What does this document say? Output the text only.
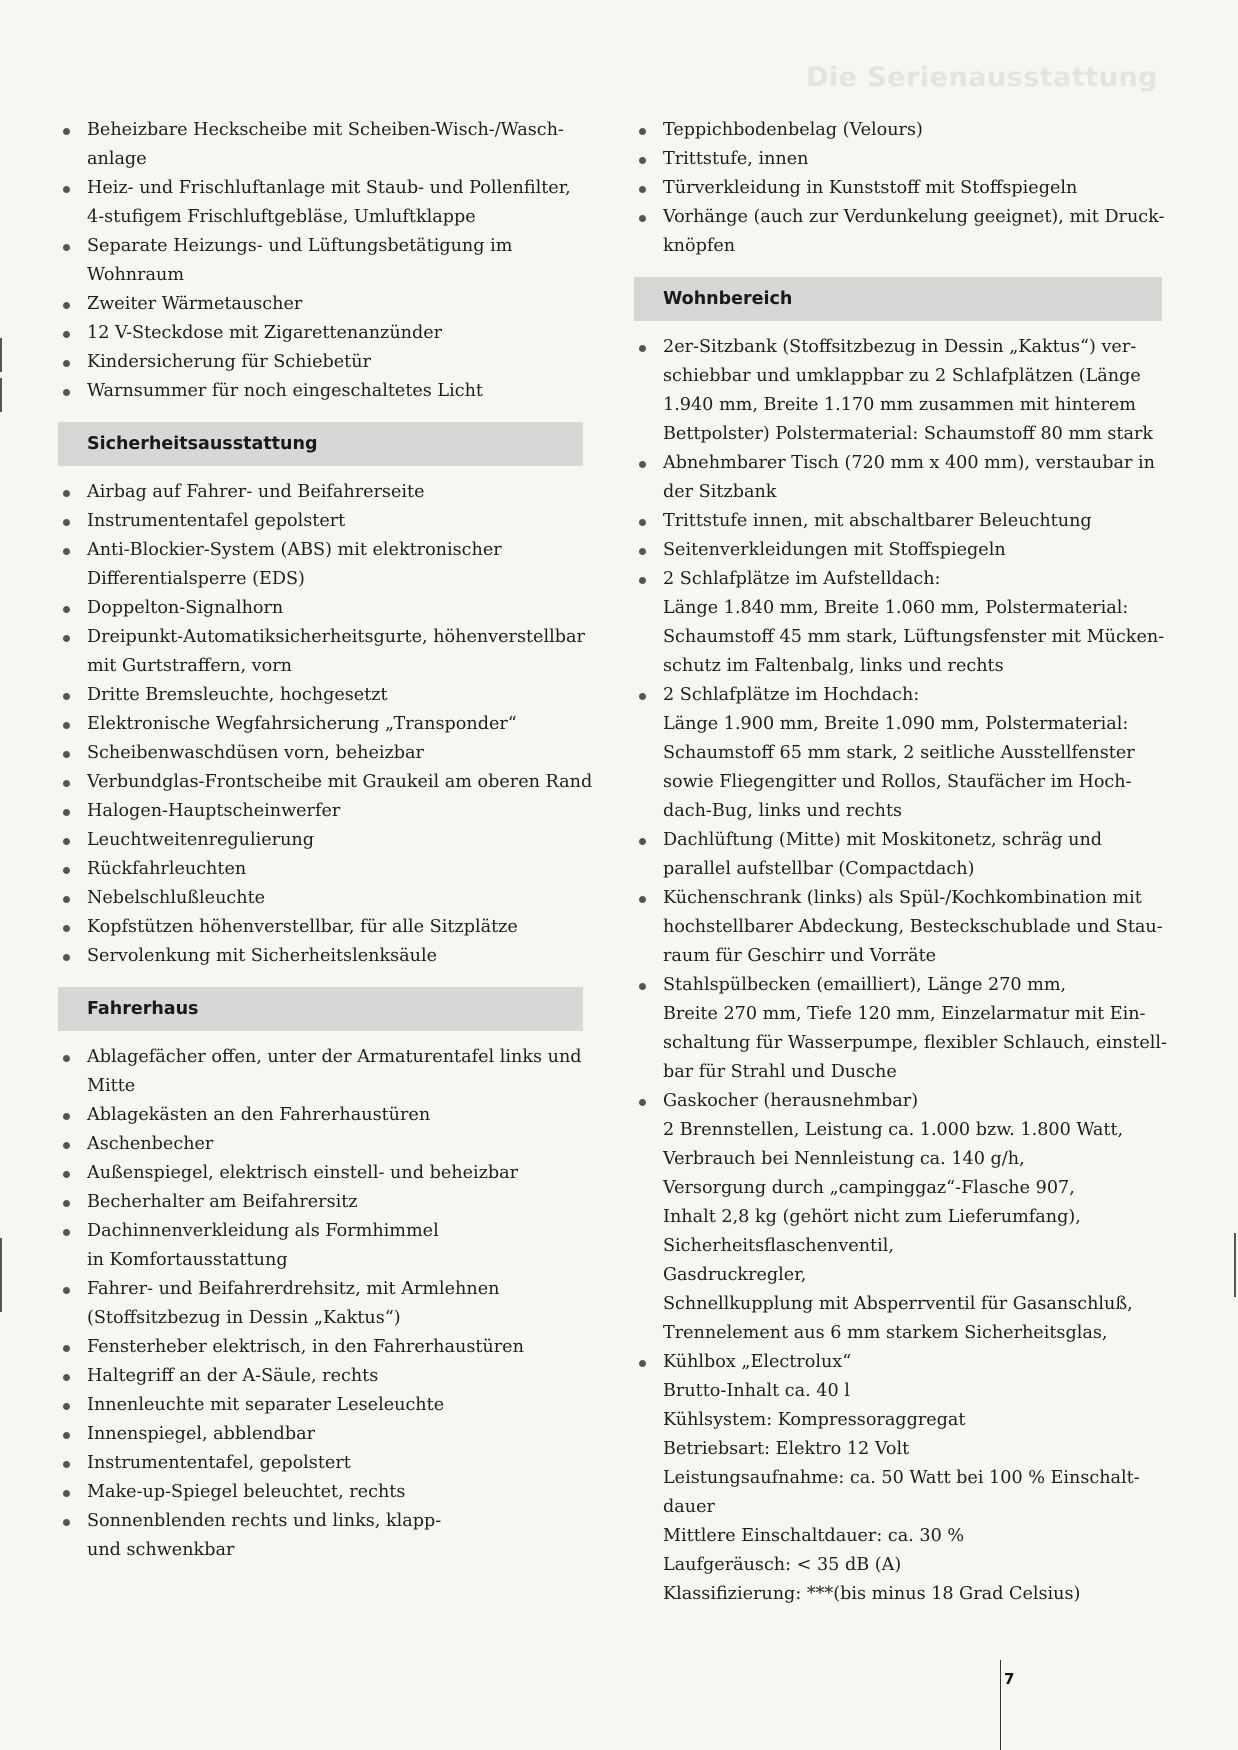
Die Serienausstattung
Beheizbare Heckscheibe mit Scheiben-Wisch-/Wasch-
anlage
Heiz- und Frischluftanlage mit Staub- und Pollenfilter,
4-stufigem Frischluftgebläse, Umluftklappe
Separate Heizungs- und Lüftungsbetätigung im
Wohnraum
Zweiter Wärmetauscher
12 V-Steckdose mit Zigarettenanzünder
Kindersicherung für Schiebetür
Warnsummer für noch eingeschaltetes Licht
Sicherheitsausstattung
Airbag auf Fahrer- und Beifahrerseite
Instrumententafel gepolstert
Anti-Blockier-System (ABS) mit elektronischer
Differentialsperre (EDS)
Doppelton-Signalhorn
Dreipunkt-Automatiksicherheitsgurte, höhenverstellbar
mit Gurtstraffern, vorn
Dritte Bremsleuchte, hochgesetzt
Elektronische Wegfahrsicherung „Transponder“
Scheibenwaschdüsen vorn, beheizbar
Verbundglas-Frontscheibe mit Graukeil am oberen Rand
Halogen-Hauptscheinwerfer
Leuchtweitenregulierung
Rückfahrleuchten
Nebelschlußleuchte
Kopfstützen höhenverstellbar, für alle Sitzplätze
Servolenkung mit Sicherheitslenksäule
Fahrerhaus
Ablagefächer offen, unter der Armaturentafel links und
Mitte
Ablagekästen an den Fahrerhaustüren
Aschenbecher
Außenspiegel, elektrisch einstell- und beheizbar
Becherhalter am Beifahrersitz
Dachinnenverkleidung als Formhimmel
in Komfortausstattung
Fahrer- und Beifahrerdrehsitz, mit Armlehnen
(Stoffsitzbezug in Dessin „Kaktus“)
Fensterheber elektrisch, in den Fahrerhaustüren
Haltegriff an der A-Säule, rechts
Innenleuchte mit separater Leseleuchte
Innenspiegel, abblendbar
Instrumententafel, gepolstert
Make-up-Spiegel beleuchtet, rechts
Sonnenblenden rechts und links, klapp-
und schwenkbar
Teppichbodenbelag (Velours)
Trittstufe, innen
Türverkleidung in Kunststoff mit Stoffspiegeln
Vorhänge (auch zur Verdunkelung geeignet), mit Druck-
knöpfen
Wohnbereich
2er-Sitzbank (Stoffsitzbezug in Dessin „Kaktus“) ver-
schiebbar und umklappbar zu 2 Schlafplätzen (Länge
1.940 mm, Breite 1.170 mm zusammen mit hinterem
Bettpolster) Polstermaterial: Schaumstoff 80 mm stark
Abnehmbarer Tisch (720 mm x 400 mm), verstaubar in
der Sitzbank
Trittstufe innen, mit abschaltbarer Beleuchtung
Seitenverkleidungen mit Stoffspiegeln
2 Schlafplätze im Aufstelldach:
Länge 1.840 mm, Breite 1.060 mm, Polstermaterial:
Schaumstoff 45 mm stark, Lüftungsfenster mit Mücken-
schutz im Faltenbalg, links und rechts
2 Schlafplätze im Hochdach:
Länge 1.900 mm, Breite 1.090 mm, Polstermaterial:
Schaumstoff 65 mm stark, 2 seitliche Ausstellfenster
sowie Fliegengitter und Rollos, Staufächer im Hoch-
dach-Bug, links und rechts
Dachlüftung (Mitte) mit Moskitonetz, schräg und
parallel aufstellbar (Compactdach)
Küchenschrank (links) als Spül-/Kochkombination mit
hochstellbarer Abdeckung, Besteckschublade und Stau-
raum für Geschirr und Vorräte
Stahlspülbecken (emailliert), Länge 270 mm,
Breite 270 mm, Tiefe 120 mm, Einzelarmatur mit Ein-
schaltung für Wasserpumpe, flexibler Schlauch, einstell-
bar für Strahl und Dusche
Gaskocher (herausnehmbar)
2 Brennstellen, Leistung ca. 1.000 bzw. 1.800 Watt,
Verbrauch bei Nennleistung ca. 140 g/h,
Versorgung durch „campinggaz“-Flasche 907,
Inhalt 2,8 kg (gehört nicht zum Lieferumfang),
Sicherheitsflaschenventil,
Gasdruckregler,
Schnellkupplung mit Absperrventil für Gasanschluß,
Trennelement aus 6 mm starkem Sicherheitsglas,
Kühlbox „Electrolux“
Brutto-Inhalt ca. 40 l
Kühlsystem: Kompressoraggregat
Betriebsart: Elektro 12 Volt
Leistungsaufnahme: ca. 50 Watt bei 100 % Einschalt-
dauer
Mittlere Einschaltdauer: ca. 30 %
Laufgeräusch: < 35 dB (A)
Klassifizierung: ***(bis minus 18 Grad Celsius)
7
